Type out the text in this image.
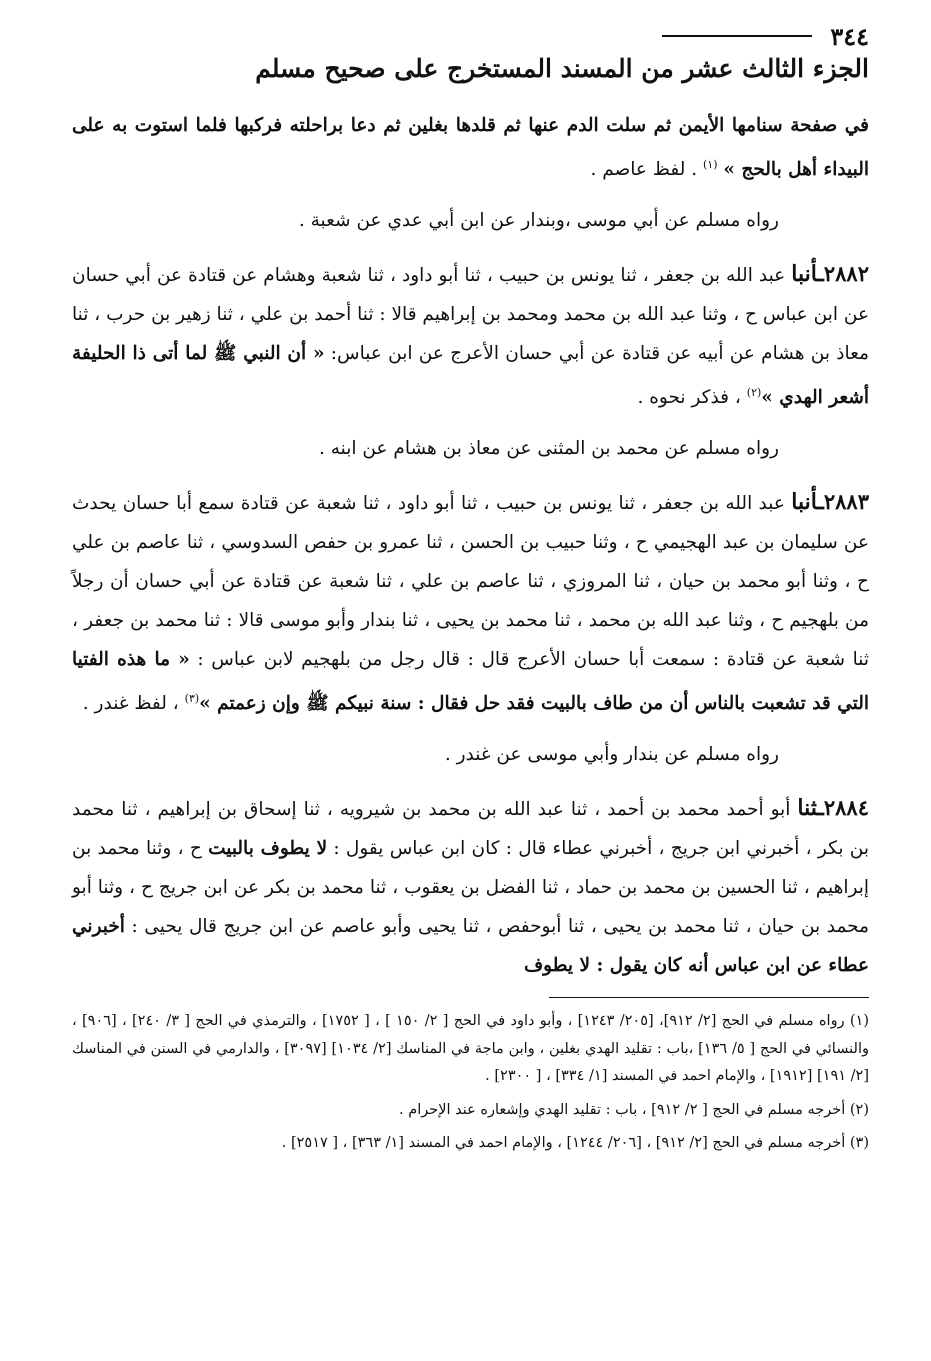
٣٤٤
الجزء الثالث عشر من المسند المستخرج على صحيح مسلم

في صفحة سنامها الأيمن ثم سلت الدم عنها ثم قلدها بغلين ثم دعا براحلته فركبها فلما استوت به على البيداء أهل بالحج » $^{(١)}$ . لفظ عاصم .

رواه مسلم عن أبي موسى ،وبندار عن ابن أبي عدي عن شعبة .

٢٨٨٢ـأنبا عبد الله بن جعفر ، ثنا يونس بن حبيب ، ثنا أبو داود ، ثنا شعبة وهشام عن قتادة عن أبي حسان عن ابن عباس ح ، وثنا عبد الله بن محمد ومحمد بن إبراهيم قالا : ثنا أحمد بن علي ، ثنا زهير بن حرب ، ثنا معاذ بن هشام عن أبيه عن قتادة عن أبي حسان الأعرج عن ابن عباس: « أن النبي ﷺ لما أتى ذا الحليفة أشعر الهدي »$^{(٢)}$ ، فذكر نحوه .

رواه مسلم عن محمد بن المثنى عن معاذ بن هشام عن ابنه .

٢٨٨٣ـأنبا عبد الله بن جعفر ، ثنا يونس بن حبيب ، ثنا أبو داود ، ثنا شعبة عن قتادة سمع أبا حسان يحدث عن سليمان بن عبد الهجيمي ح ، وثنا حبيب بن الحسن ، ثنا عمرو بن حفص السدوسي ، ثنا عاصم بن علي ح ، وثنا أبو محمد بن حيان ، ثنا المروزي ، ثنا عاصم بن علي ، ثنا شعبة عن قتادة عن أبي حسان أن رجلاً من بلهجيم ح ، وثنا عبد الله بن محمد ، ثنا محمد بن يحيى ، ثنا بندار وأبو موسى قالا : ثنا محمد بن جعفر ، ثنا شعبة عن قتادة : سمعت أبا حسان الأعرج قال : قال رجل من بلهجيم لابن عباس : « ما هذه الفتيا التي قد تشعبت بالناس أن من طاف بالبيت فقد حل فقال : سنة نبيكم ﷺ وإن زعمتم »$^{(٣)}$ ، لفظ غندر .

رواه مسلم عن بندار وأبي موسى عن غندر .

٢٨٨٤ـثنا أبو أحمد محمد بن أحمد ، ثنا عبد الله بن محمد بن شيرويه ، ثنا إسحاق بن إبراهيم ، ثنا محمد بن بكر ، أخبرني ابن جريج ، أخبرني عطاء قال : كان ابن عباس يقول : لا يطوف بالبيت ح ، وثنا محمد بن إبراهيم ، ثنا الحسين بن محمد بن حماد ، ثنا الفضل بن يعقوب ، ثنا محمد بن بكر عن ابن جريج ح ، وثنا أبو محمد بن حيان ، ثنا محمد بن يحيى ، ثنا أبوحفص ، ثنا يحيى وأبو عاصم عن ابن جريج قال يحيى : أخبرني عطاء عن ابن عباس أنه كان يقول : لا يطوف

(١) رواه مسلم في الحج [٢/ ٩١٢]، [٢٠٥/ ١٢٤٣] ، وأبو داود في الحج [ ٢/ ١٥٠ ] ، [ ١٧٥٢] ، والترمذي في الحج [ ٣/ ٢٤٠] ، [٩٠٦] ، والنسائي في الحج [ ٥/ ١٣٦] ،باب : تقليد الهدي بغلين ، وابن ماجة في المناسك [٢/ ١٠٣٤] [٣٠٩٧] ، والدارمي في السنن في المناسك [٢/ ١٩١] [١٩١٢] ، والإمام احمد في المسند [١/ ٣٣٤] ، [ ٢٣٠٠] .

(٢) أخرجه مسلم في الحج [ ٢/ ٩١٢] ، باب : تقليد الهدي وإشعاره عند الإحرام .

(٣) أخرجه مسلم في الحج [٢/ ٩١٢] ، [٢٠٦/ ١٢٤٤] ، والإمام احمد في المسند [١/ ٣٦٣] ، [ ٢٥١٧] .
